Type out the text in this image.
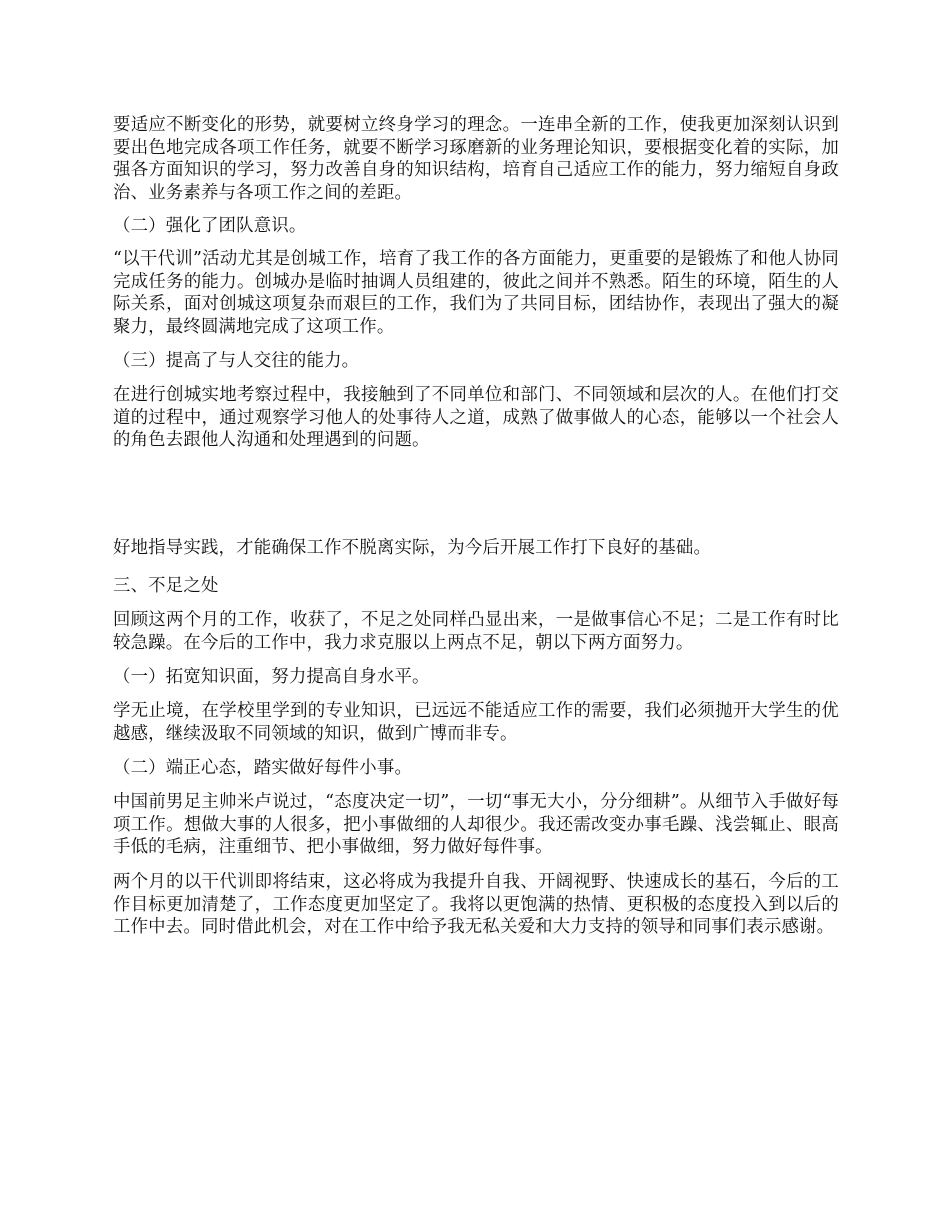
要适应不断变化的形势，就要树立终身学习的理念。一连串全新的工作，使我更加深刻认识到要出色地完成各项工作任务，就要不断学习琢磨新的业务理论知识，要根据变化着的实际，加强各方面知识的学习，努力改善自身的知识结构，培育自己适应工作的能力，努力缩短自身政治、业务素养与各项工作之间的差距。

（二）强化了团队意识。

“以干代训”活动尤其是创城工作，培育了我工作的各方面能力，更重要的是锻炼了和他人协同完成任务的能力。创城办是临时抽调人员组建的，彼此之间并不熟悉。陌生的环境，陌生的人际关系，面对创城这项复杂而艰巨的工作，我们为了共同目标，团结协作，表现出了强大的凝聚力，最终圆满地完成了这项工作。

（三）提高了与人交往的能力。

在进行创城实地考察过程中，我接触到了不同单位和部门、不同领域和层次的人。在他们打交道的过程中，通过观察学习他人的处事待人之道，成熟了做事做人的心态，能够以一个社会人的角色去跟他人沟通和处理遇到的问题。

好地指导实践，才能确保工作不脱离实际，为今后开展工作打下良好的基础。

三、不足之处

回顾这两个月的工作，收获了，不足之处同样凸显出来，一是做事信心不足；二是工作有时比较急躁。在今后的工作中，我力求克服以上两点不足，朝以下两方面努力。

（一）拓宽知识面，努力提高自身水平。

学无止境，在学校里学到的专业知识，已远远不能适应工作的需要，我们必须抛开大学生的优越感，继续汲取不同领域的知识，做到广博而非专。

（二）端正心态，踏实做好每件小事。

中国前男足主帅米卢说过，“态度决定一切”，一切“事无大小，分分细耕”。从细节入手做好每项工作。想做大事的人很多，把小事做细的人却很少。我还需改变办事毛躁、浅尝辄止、眼高手低的毛病，注重细节、把小事做细，努力做好每件事。

两个月的以干代训即将结束，这必将成为我提升自我、开阔视野、快速成长的基石，今后的工作目标更加清楚了，工作态度更加坚定了。我将以更饱满的热情、更积极的态度投入到以后的工作中去。同时借此机会，对在工作中给予我无私关爱和大力支持的领导和同事们表示感谢。
